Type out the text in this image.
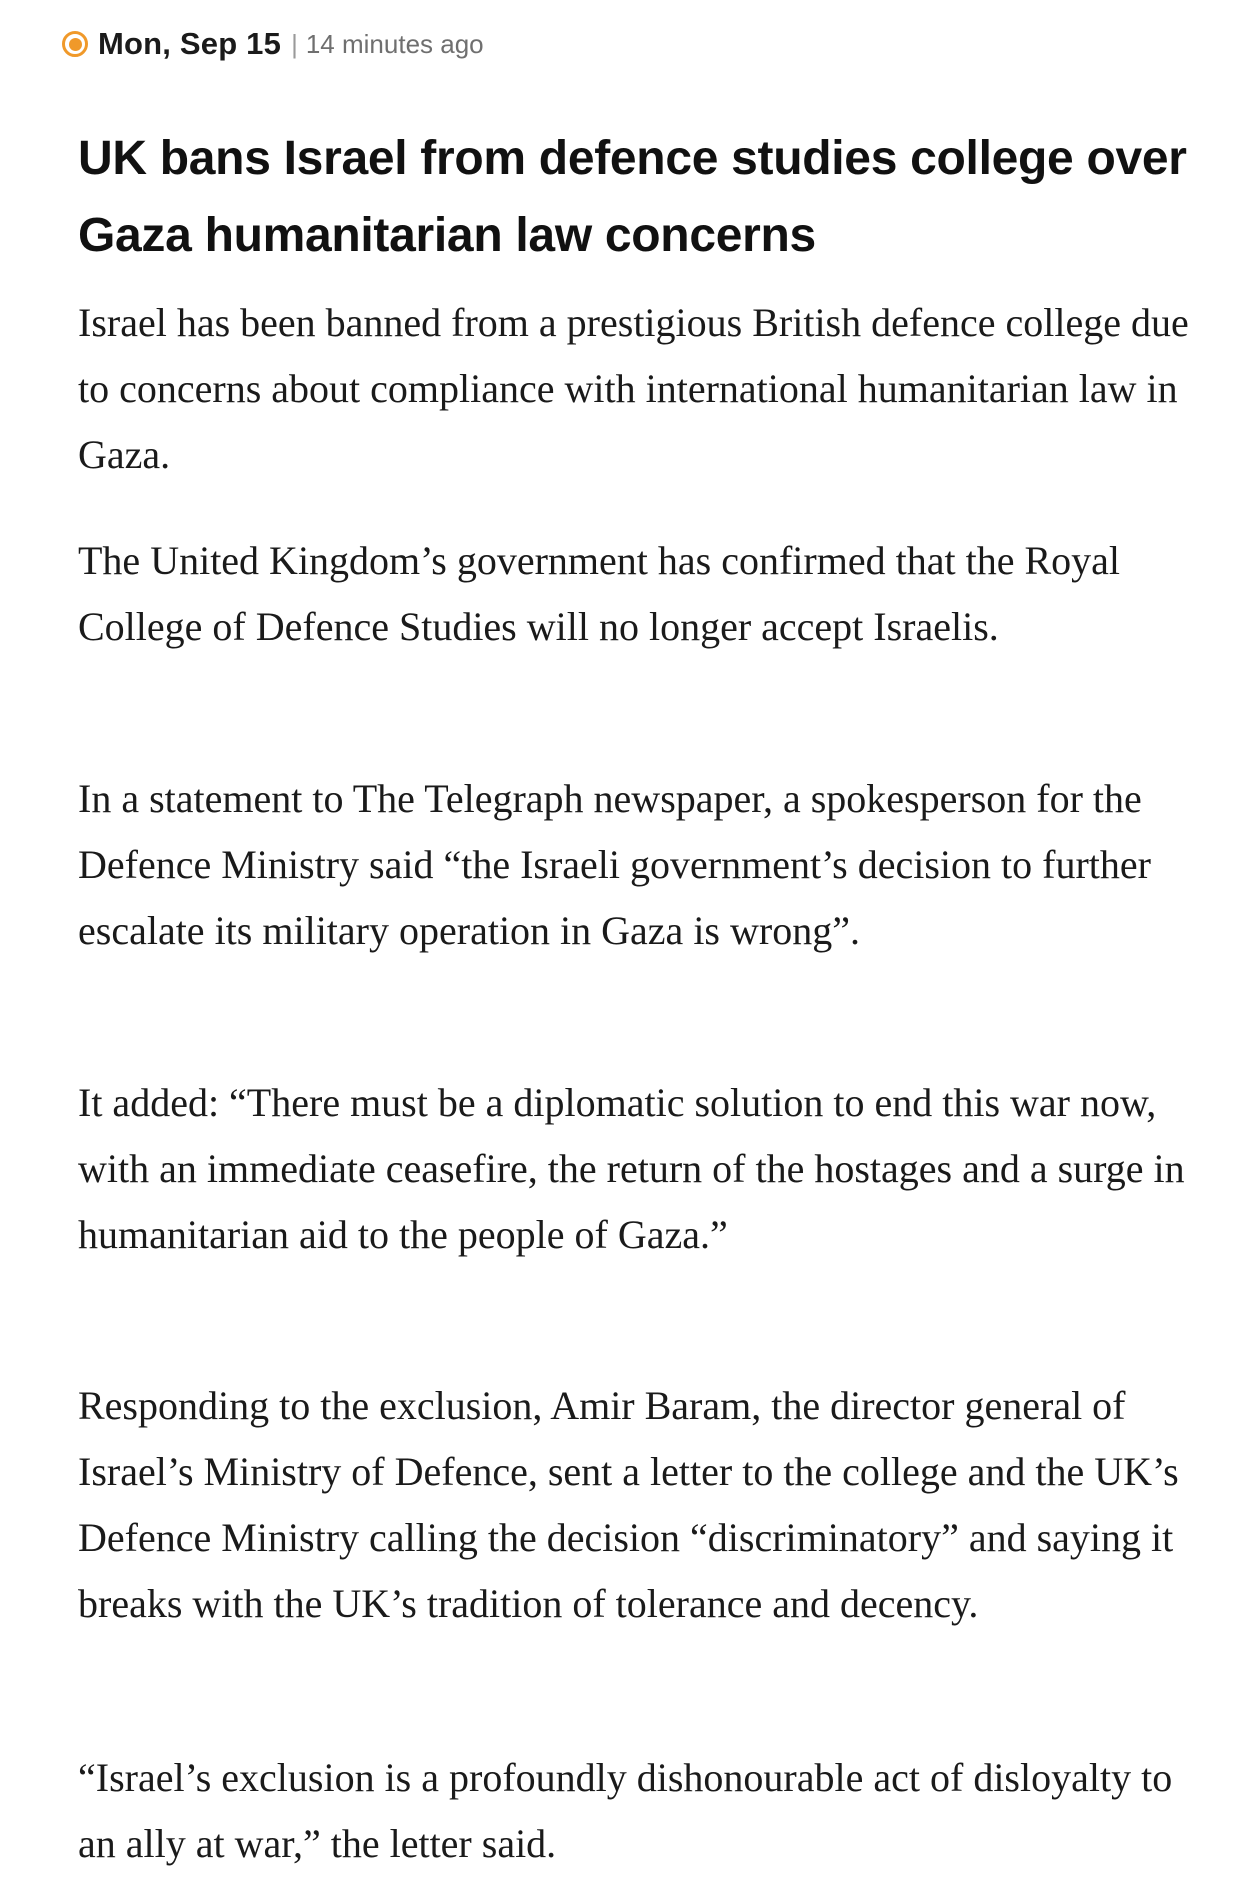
Mon, Sep 15 | 14 minutes ago
UK bans Israel from defence studies college over Gaza humanitarian law concerns

Israel has been banned from a prestigious British defence college due to concerns about compliance with international humanitarian law in Gaza.

The United Kingdom’s government has confirmed that the Royal College of Defence Studies will no longer accept Israelis.

In a statement to The Telegraph newspaper, a spokesperson for the Defence Ministry said “the Israeli government’s decision to further escalate its military operation in Gaza is wrong”.

It added: “There must be a diplomatic solution to end this war now, with an immediate ceasefire, the return of the hostages and a surge in humanitarian aid to the people of Gaza.”

Responding to the exclusion, Amir Baram, the director general of Israel’s Ministry of Defence, sent a letter to the college and the UK’s Defence Ministry calling the decision “discriminatory” and saying it breaks with the UK’s tradition of tolerance and decency.

“Israel’s exclusion is a profoundly dishonourable act of disloyalty to an ally at war,” the letter said.
